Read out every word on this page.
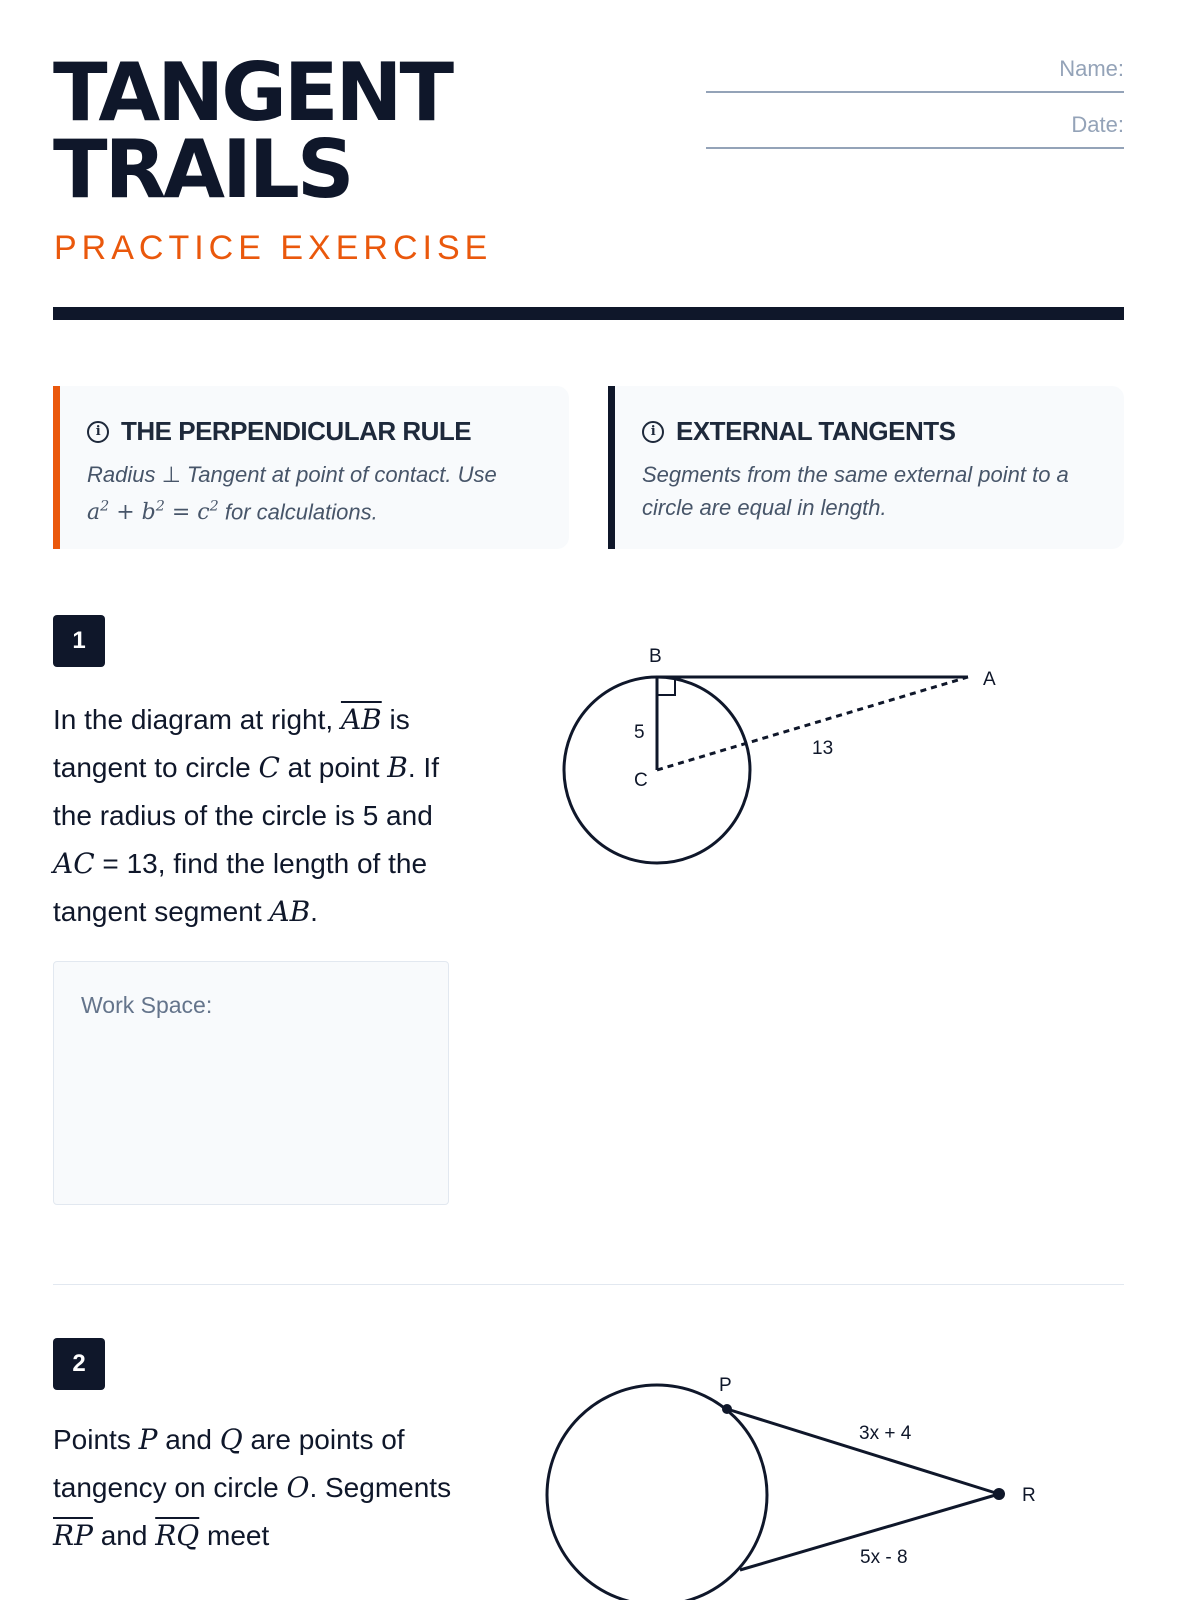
TANGENT
TRAILS
PRACTICE EXERCISE
Name:
Date:
i THE PERPENDICULAR RULE
Radius ⊥ Tangent at point of contact. Use
$a^2 + b^2 = c^2$ for calculations.
i EXTERNAL TANGENTS
Segments from the same external point to a circle are equal in length.
1
In the diagram at right, $\overline{AB}$ is tangent to circle C at point B. If the radius of the circle is 5 and AC = 13, find the length of the tangent segment AB.
B
A
C
5
13
Work Space:
2
Points P and Q are points of tangency on circle O. Segments $\overline{RP}$ and $\overline{RQ}$ meet
P
R
3x + 4
5x - 8
